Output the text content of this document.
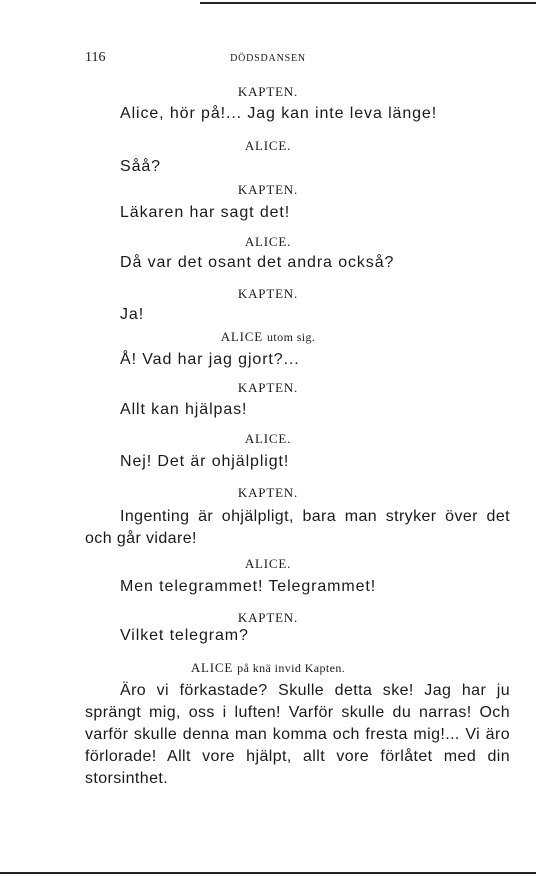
116	DÖDSDANSEN
KAPTEN.
Alice, hör på!... Jag kan inte leva länge!
ALICE.
Såå?
KAPTEN.
Läkaren har sagt det!
ALICE.
Då var det osant det andra också?
KAPTEN.
Ja!
ALICE utom sig.
Å! Vad har jag gjort?...
KAPTEN.
Allt kan hjälpas!
ALICE.
Nej! Det är ohjälpligt!
KAPTEN.
Ingenting är ohjälpligt, bara man stryker över det och går vidare!
ALICE.
Men telegrammet! Telegrammet!
KAPTEN.
Vilket telegram?
ALICE på knä invid Kapten.
Äro vi förkastade? Skulle detta ske! Jag har ju sprängt mig, oss i luften! Varför skulle du narras! Och varför skulle denna man komma och fresta mig!... Vi äro förlorade! Allt vore hjälpt, allt vore förlåtet med din storsinthet.
